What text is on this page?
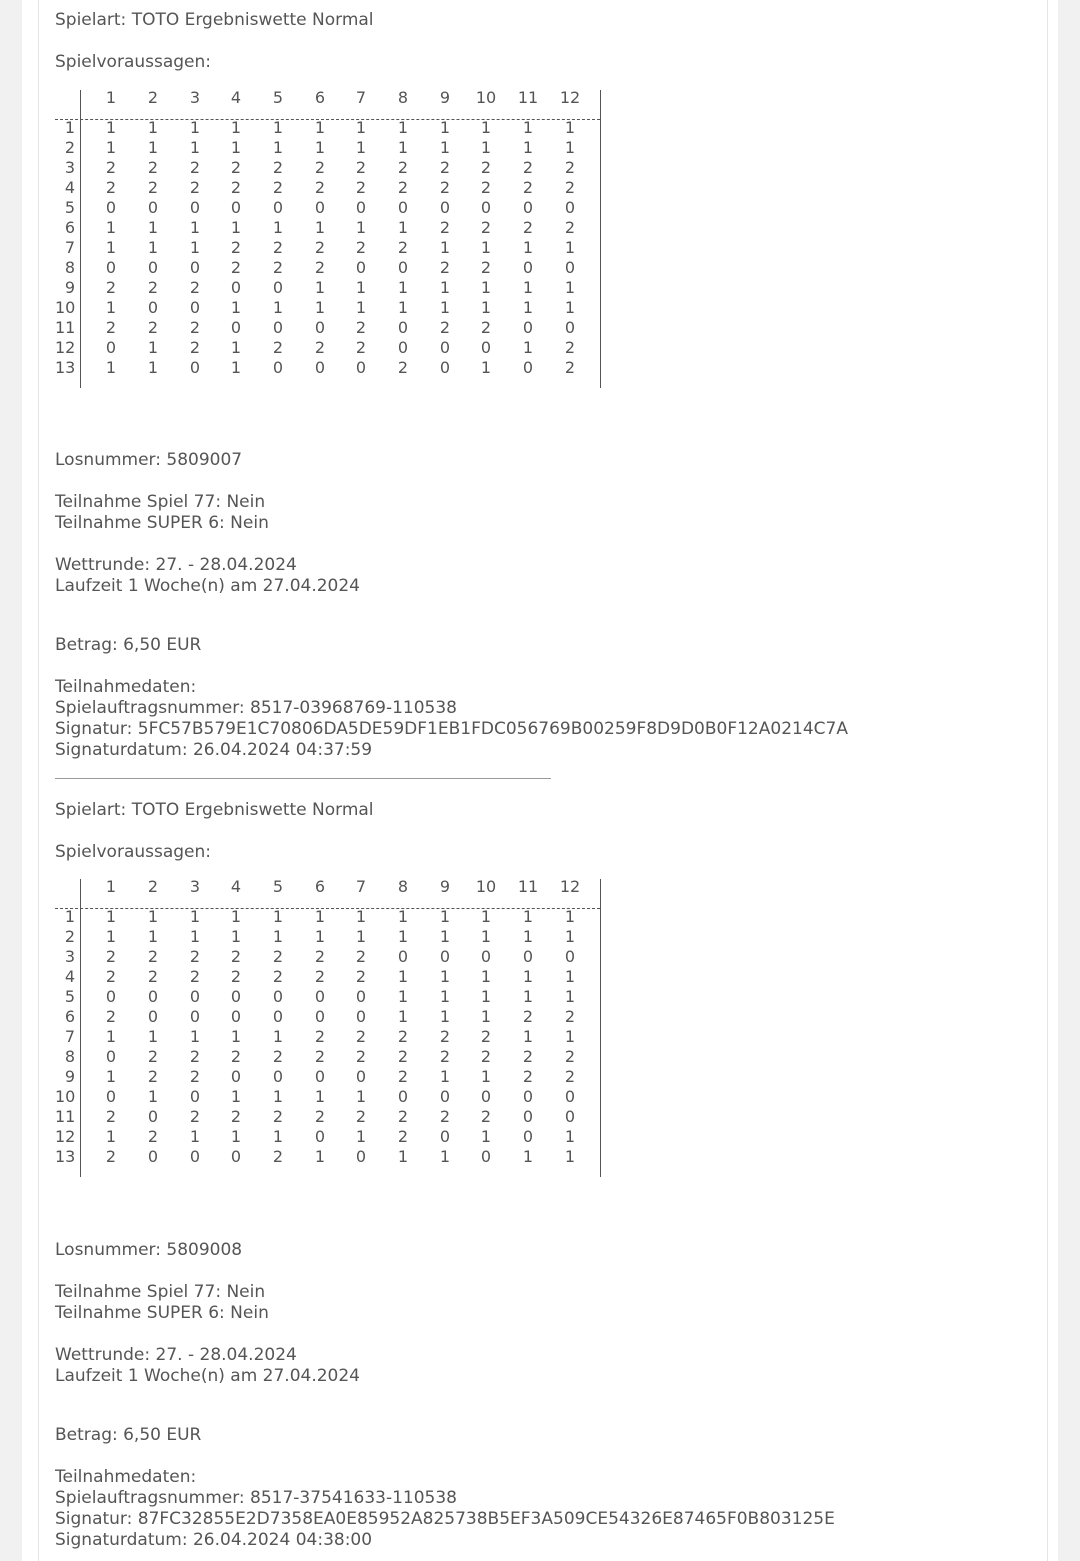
Spielart: TOTO Ergebniswette Normal
Spielvoraussagen:
1	2	3	4	5	6	7	8	9	10	11	12
1	1	1	1	1	1	1	1	1	1	1	1	1
2	1	1	1	1	1	1	1	1	1	1	1	1
3	2	2	2	2	2	2	2	2	2	2	2	2
4	2	2	2	2	2	2	2	2	2	2	2	2
5	0	0	0	0	0	0	0	0	0	0	0	0
6	1	1	1	1	1	1	1	1	2	2	2	2
7	1	1	1	2	2	2	2	2	1	1	1	1
8	0	0	0	2	2	2	0	0	2	2	0	0
9	2	2	2	0	0	1	1	1	1	1	1	1
10	1	0	0	1	1	1	1	1	1	1	1	1
11	2	2	2	0	0	0	2	0	2	2	0	0
12	0	1	2	1	2	2	2	0	0	0	1	2
13	1	1	0	1	0	0	0	2	0	1	0	2
Losnummer: 5809007
Teilnahme Spiel 77: Nein
Teilnahme SUPER 6: Nein
Wettrunde: 27. - 28.04.2024
Laufzeit 1 Woche(n) am 27.04.2024
Betrag: 6,50 EUR
Teilnahmedaten:
Spielauftragsnummer: 8517-03968769-110538
Signatur: 5FC57B579E1C70806DA5DE59DF1EB1FDC056769B00259F8D9D0B0F12A0214C7A
Signaturdatum: 26.04.2024 04:37:59
Spielart: TOTO Ergebniswette Normal
Spielvoraussagen:
1	2	3	4	5	6	7	8	9	10	11	12
1	1	1	1	1	1	1	1	1	1	1	1	1
2	1	1	1	1	1	1	1	1	1	1	1	1
3	2	2	2	2	2	2	2	0	0	0	0	0
4	2	2	2	2	2	2	2	1	1	1	1	1
5	0	0	0	0	0	0	0	1	1	1	1	1
6	2	0	0	0	0	0	0	1	1	1	2	2
7	1	1	1	1	1	2	2	2	2	2	1	1
8	0	2	2	2	2	2	2	2	2	2	2	2
9	1	2	2	0	0	0	0	2	1	1	2	2
10	0	1	0	1	1	1	1	0	0	0	0	0
11	2	0	2	2	2	2	2	2	2	2	0	0
12	1	2	1	1	1	0	1	2	0	1	0	1
13	2	0	0	0	2	1	0	1	1	0	1	1
Losnummer: 5809008
Teilnahme Spiel 77: Nein
Teilnahme SUPER 6: Nein
Wettrunde: 27. - 28.04.2024
Laufzeit 1 Woche(n) am 27.04.2024
Betrag: 6,50 EUR
Teilnahmedaten:
Spielauftragsnummer: 8517-37541633-110538
Signatur: 87FC32855E2D7358EA0E85952A825738B5EF3A509CE54326E87465F0B803125E
Signaturdatum: 26.04.2024 04:38:00
